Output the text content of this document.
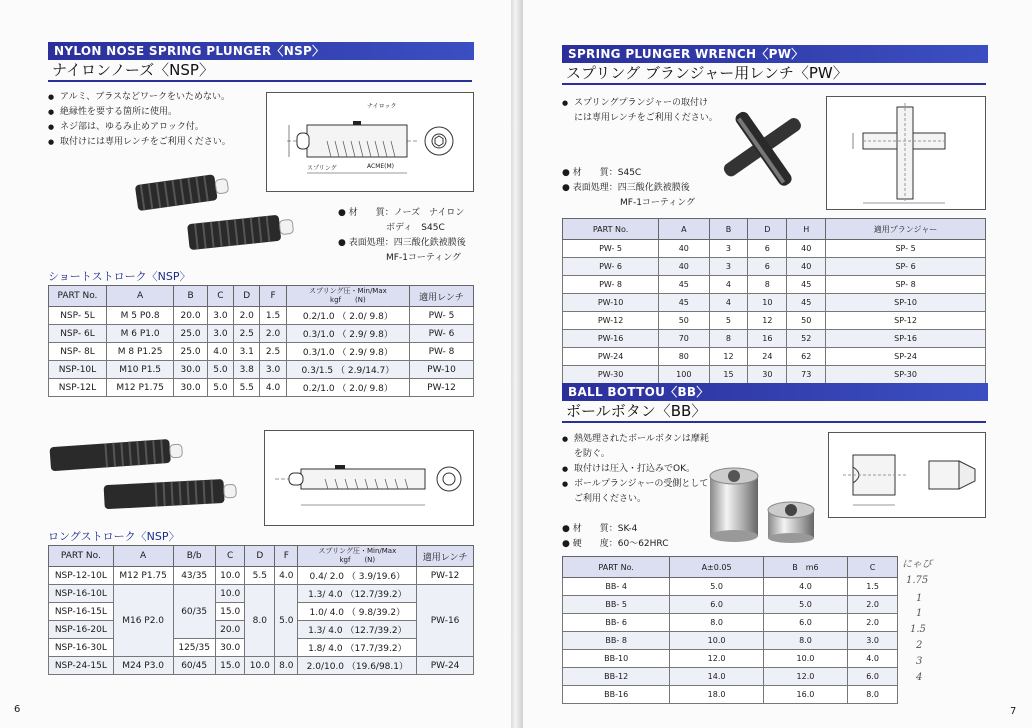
NYLON NOSE SPRING PLUNGER〈NSP〉
ナイロンノーズ〈NSP〉
● アルミ、ブラスなどワークをいためない。
● 絶縁性を要する箇所に使用。
● ネジ部は、ゆるみ止めアロック付。
● 取付けには専用レンチをご利用ください。
ナイロック
スプリング	ACME(M)
● 材　　質：ノーズ　ナイロン
ボディ　S45C
● 表面処理：四三酸化鉄被膜後
MF-1コーティング
ショートストローク〈NSP〉
PART No.	A	B	C	D	F	スプリング圧・Min/Max
kgf　　 (N)	適用レンチ
NSP- 5L	M 5 P0.8	20.0	3.0	2.0	1.5	0.2/1.0 （ 2.0/ 9.8）	PW- 5
NSP- 6L	M 6 P1.0	25.0	3.0	2.5	2.0	0.3/1.0 （ 2.9/ 9.8）	PW- 6
NSP- 8L	M 8 P1.25	25.0	4.0	3.1	2.5	0.3/1.0 （ 2.9/ 9.8）	PW- 8
NSP-10L	M10 P1.5	30.0	5.0	3.8	3.0	0.3/1.5 （ 2.9/14.7）	PW-10
NSP-12L	M12 P1.75	30.0	5.0	5.5	4.0	0.2/1.0 （ 2.0/ 9.8）	PW-12
ロングストローク〈NSP〉
PART No.	A	B/b	C	D	F	スプリング圧・Min/Max
kgf　　 (N)	適用レンチ
NSP-12-10L	M12 P1.75	43/35	10.0	5.5	4.0	0.4/ 2.0 （ 3.9/19.6）	PW-12
NSP-16-10L	M16 P2.0	60/35	10.0	8.0	5.0	1.3/ 4.0 （12.7/39.2）	PW-16
NSP-16-15L			15.0			1.0/ 4.0 （ 9.8/39.2）	
NSP-16-20L			20.0			1.3/ 4.0 （12.7/39.2）	
NSP-16-30L		125/35	30.0			1.8/ 4.0 （17.7/39.2）	
NSP-24-15L	M24 P3.0	60/45	15.0	10.0	8.0	2.0/10.0 （19.6/98.1）	PW-24
6
SPRING PLUNGER WRENCH〈PW〉
スプリング ブランジャー用レンチ〈PW〉
● スプリングプランジャーの取付け
には専用レンチをご利用ください。
● 材　　質：S45C
● 表面処理：四三酸化鉄被膜後
MF-1コーティング
PART No.	A	B	D	H	適用プランジャー
PW- 5	40	3	6	40	SP- 5
PW- 6	40	3	6	40	SP- 6
PW- 8	45	4	8	45	SP- 8
PW-10	45	4	10	45	SP-10
PW-12	50	5	12	50	SP-12
PW-16	70	8	16	52	SP-16
PW-24	80	12	24	62	SP-24
PW-30	100	15	30	73	SP-30
BALL BOTTOU〈BB〉
ボールボタン〈BB〉
● 熱処理されたボールボタンは摩耗
を防ぐ。
● 取付けは圧入・打込みでOK。
● ボールプランジャーの受側として
ご利用ください。
● 材　　質：SK-4
● 硬　　度：60〜62HRC
PART No.	A±0.05	B　m6	C
BB- 4	5.0	4.0	1.5
BB- 5	6.0	5.0	2.0
BB- 6	8.0	6.0	2.0
BB- 8	10.0	8.0	3.0
BB-10	12.0	10.0	4.0
BB-12	14.0	12.0	6.0
BB-16	18.0	16.0	8.0
にゃぴ
1.75
1
1
1.5
2
3
4
7
